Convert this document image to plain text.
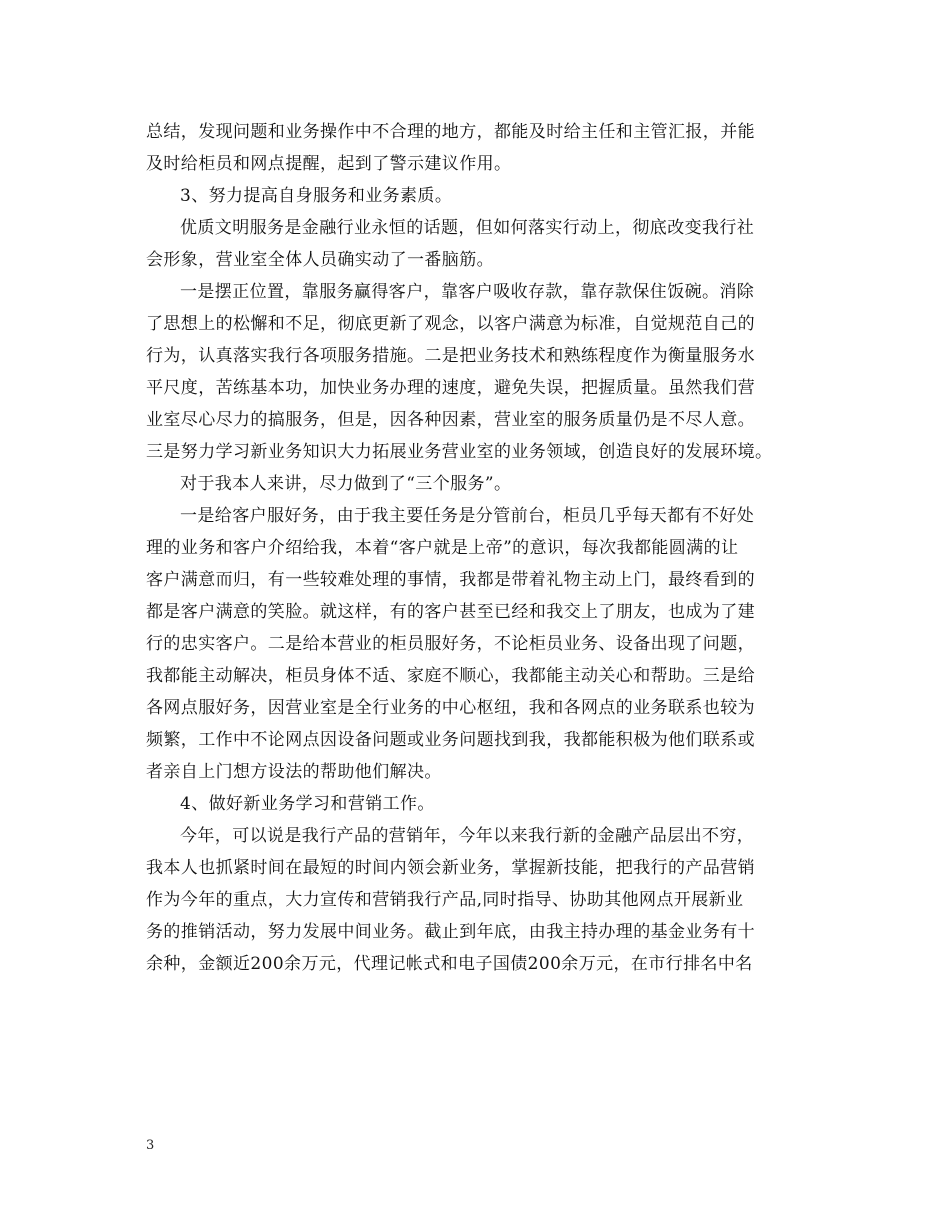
总结，发现问题和业务操作中不合理的地方，都能及时给主任和主管汇报，并能
及时给柜员和网点提醒，起到了警示建议作用。
3、努力提高自身服务和业务素质。
优质文明服务是金融行业永恒的话题，但如何落实行动上，彻底改变我行社
会形象，营业室全体人员确实动了一番脑筋。
一是摆正位置，靠服务赢得客户，靠客户吸收存款，靠存款保住饭碗。消除
了思想上的松懈和不足，彻底更新了观念，以客户满意为标准，自觉规范自己的
行为，认真落实我行各项服务措施。二是把业务技术和熟练程度作为衡量服务水
平尺度，苦练基本功，加快业务办理的速度，避免失误，把握质量。虽然我们营
业室尽心尽力的搞服务，但是，因各种因素，营业室的服务质量仍是不尽人意。
三是努力学习新业务知识大力拓展业务营业室的业务领域，创造良好的发展环境。
对于我本人来讲，尽力做到了“三个服务”。
一是给客户服好务，由于我主要任务是分管前台，柜员几乎每天都有不好处
理的业务和客户介绍给我，本着“客户就是上帝”的意识，每次我都能圆满的让
客户满意而归，有一些较难处理的事情，我都是带着礼物主动上门，最终看到的
都是客户满意的笑脸。就这样，有的客户甚至已经和我交上了朋友，也成为了建
行的忠实客户。二是给本营业的柜员服好务，不论柜员业务、设备出现了问题，
我都能主动解决，柜员身体不适、家庭不顺心，我都能主动关心和帮助。三是给
各网点服好务，因营业室是全行业务的中心枢纽，我和各网点的业务联系也较为
频繁，工作中不论网点因设备问题或业务问题找到我，我都能积极为他们联系或
者亲自上门想方设法的帮助他们解决。
4、做好新业务学习和营销工作。
今年，可以说是我行产品的营销年，今年以来我行新的金融产品层出不穷，
我本人也抓紧时间在最短的时间内领会新业务，掌握新技能，把我行的产品营销
作为今年的重点，大力宣传和营销我行产品,同时指导、协助其他网点开展新业
务的推销活动，努力发展中间业务。截止到年底，由我主持办理的基金业务有十
余种，金额近200余万元，代理记帐式和电子国债200余万元，在市行排名中名
3
